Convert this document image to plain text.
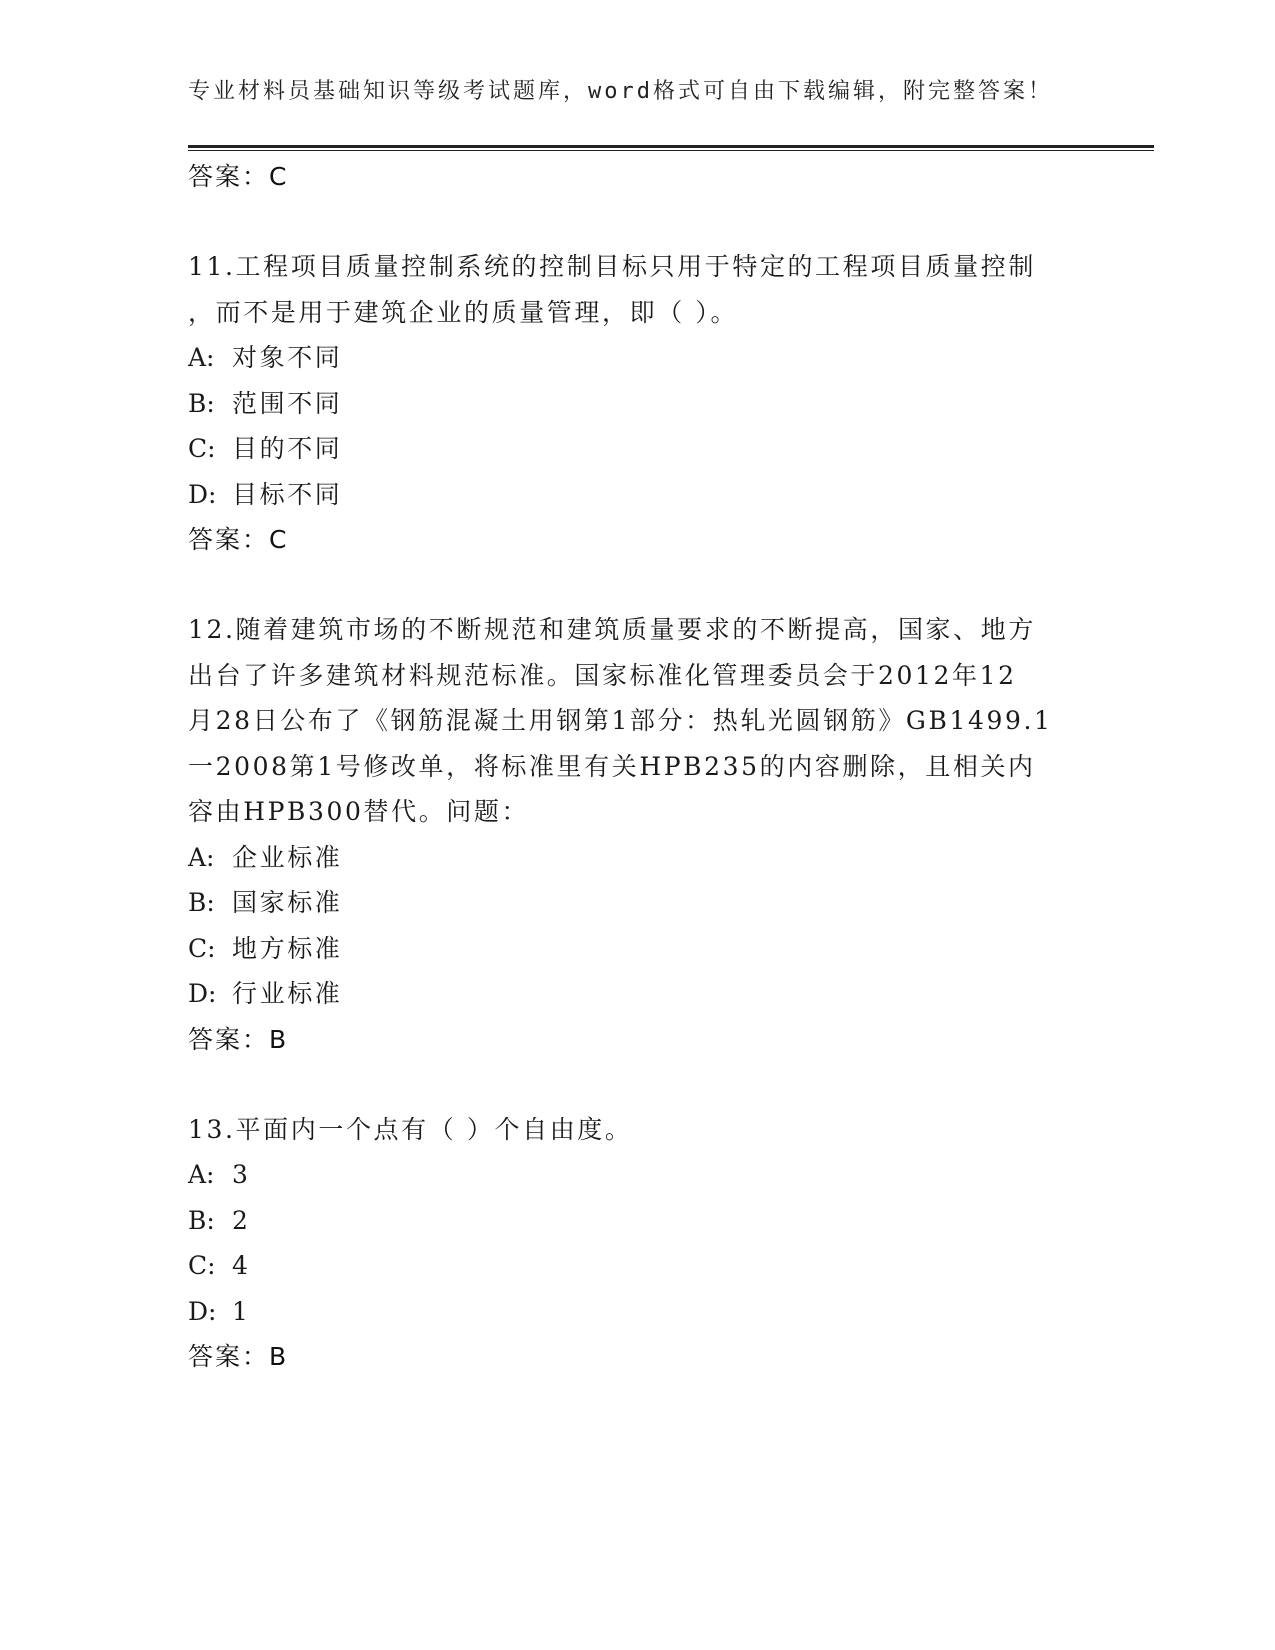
专业材料员基础知识等级考试题库，word格式可自由下载编辑，附完整答案！
答案：C
11.工程项目质量控制系统的控制目标只用于特定的工程项目质量控制
，而不是用于建筑企业的质量管理，即（ ）。
A: 对象不同
B: 范围不同
C: 目的不同
D: 目标不同
答案：C
12.随着建筑市场的不断规范和建筑质量要求的不断提高，国家、地方
出台了许多建筑材料规范标准。国家标准化管理委员会于2012年12
月28日公布了《钢筋混凝土用钢第1部分：热轧光圆钢筋》GB1499.1
一2008第1号修改单，将标准里有关HPB235的内容删除，且相关内
容由HPB300替代。问题：
A: 企业标准
B: 国家标准
C: 地方标准
D: 行业标准
答案：B
13.平面内一个点有（ ）个自由度。
A: 3
B: 2
C: 4
D: 1
答案：B
